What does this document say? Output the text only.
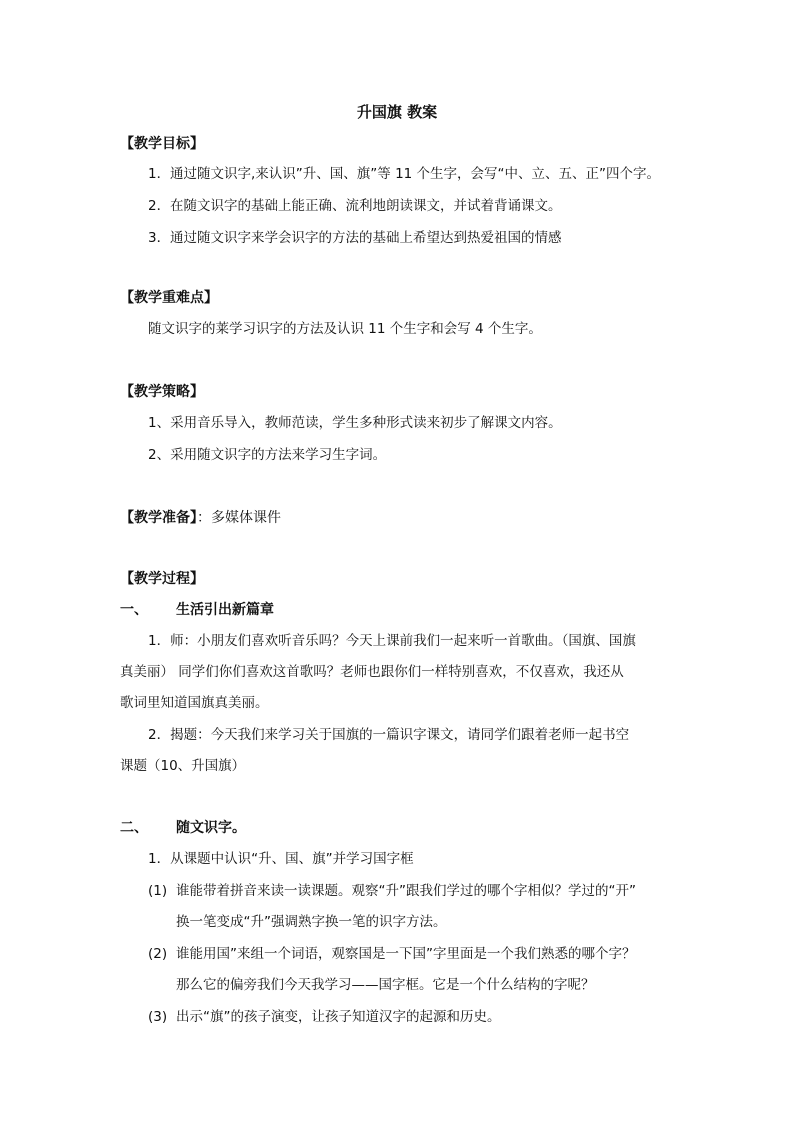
升国旗 教案
【教学目标】
1．通过随文识字,来认识”升、国、旗”等 11 个生字，会写“中、立、五、正”四个字。
2．在随文识字的基础上能正确、流利地朗读课文，并试着背诵课文。
3．通过随文识字来学会识字的方法的基础上希望达到热爱祖国的情感
【教学重难点】
随文识字的莱学习识字的方法及认识 11 个生字和会写 4 个生字。
【教学策略】
1、采用音乐导入，教师范读，学生多种形式读来初步了解课文内容。
2、采用随文识字的方法来学习生字词。
【教学准备】：多媒体课件
【教学过程】
一、 生活引出新篇章
1．师：小朋友们喜欢听音乐吗？今天上课前我们一起来听一首歌曲。（国旗、国旗
真美丽） 同学们你们喜欢这首歌吗？老师也跟你们一样特别喜欢，不仅喜欢，我还从
歌词里知道国旗真美丽。
2．揭题：今天我们来学习关于国旗的一篇识字课文，请同学们跟着老师一起书空
课题（10、升国旗）
二、 随文识字。
1．从课题中认识“升、国、旗”并学习国字框
(1) 谁能带着拼音来读一读课题。观察“升”跟我们学过的哪个字相似？学过的“开”
换一笔变成“升”强调熟字换一笔的识字方法。
(2) 谁能用国”来组一个词语，观察国是一下国”字里面是一个我们熟悉的哪个字？
那么它的偏旁我们今天我学习——国字框。它是一个什么结构的字呢？
(3) 出示“旗”的孩子演变，让孩子知道汉字的起源和历史。
